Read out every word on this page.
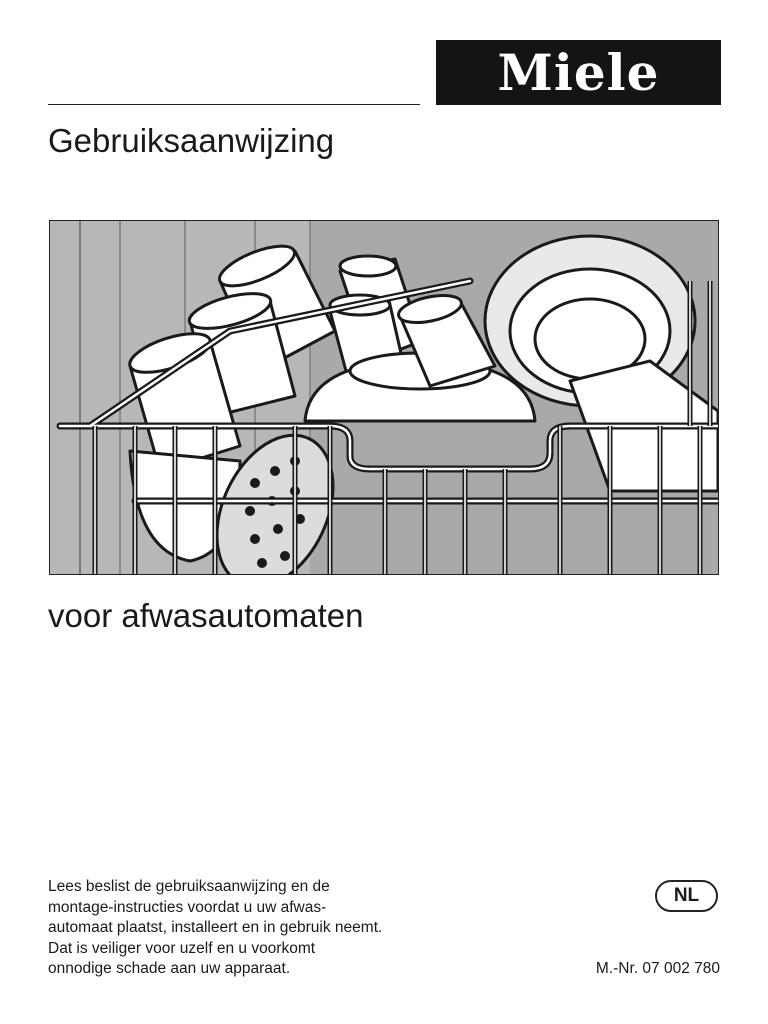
Miele
Gebruiksaanwijzing
voor afwasautomaten
Lees beslist de gebruiksaanwijzing en de
montage-instructies voordat u uw afwas-
automaat plaatst, installeert en in gebruik neemt.
Dat is veiliger voor uzelf en u voorkomt
onnodige schade aan uw apparaat.
NL
M.-Nr. 07 002 780
